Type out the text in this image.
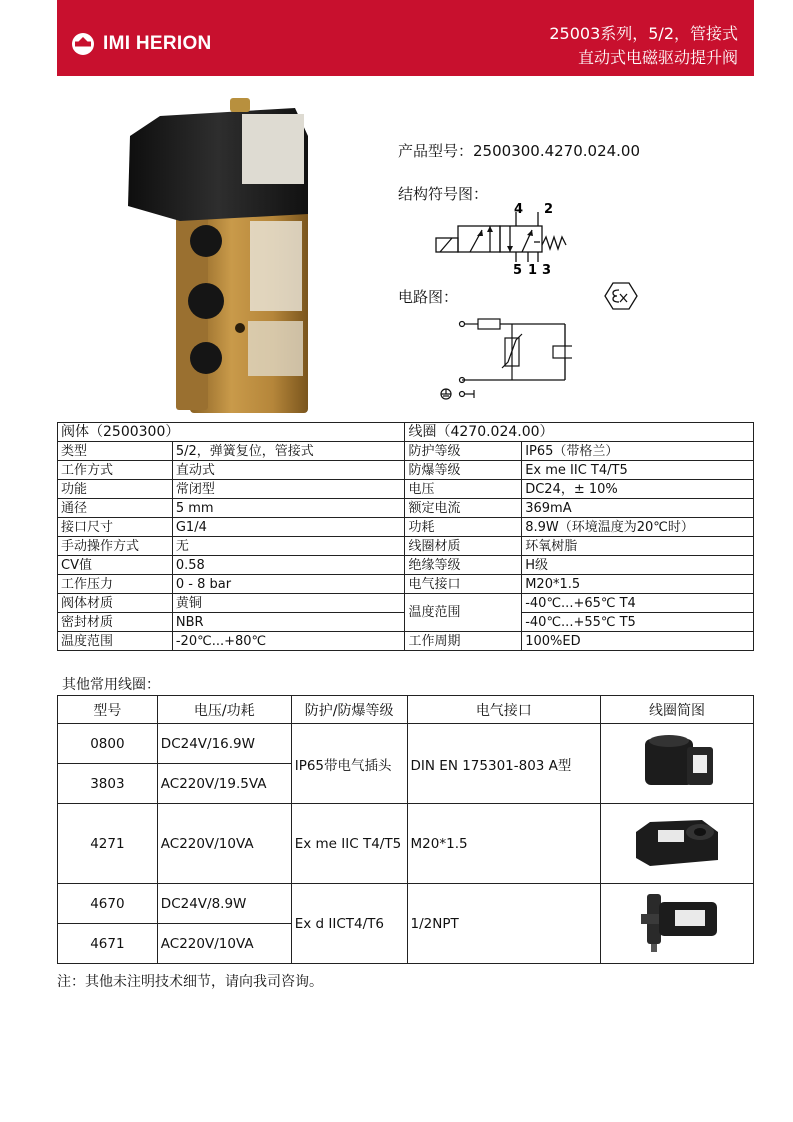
IMI HERION	25003系列，5/2，管接式
直动式电磁驱动提升阀
产品型号：2500300.4270.024.00
结构符号图：
4 2
5 1 3
电路图：
阀体（2500300）		线圈（4270.024.00）	
类型	5/2，弹簧复位，管接式	防护等级	IP65（带格兰）
工作方式	直动式	防爆等级	Ex me IIC T4/T5
功能	常闭型	电压	DC24，± 10%
通径	5 mm	额定电流	369mA
接口尺寸	G1/4	功耗	8.9W（环境温度为20℃时）
手动操作方式	无	线圈材质	环氧树脂
CV值	0.58	绝缘等级	H级
工作压力	0 - 8 bar	电气接口	M20*1.5
阀体材质	黄铜	温度范围	-40℃...+65℃ T4
密封材质	NBR		-40℃...+55℃ T5
温度范围	-20℃...+80℃	工作周期	100%ED
其他常用线圈：
型号	电压/功耗	防护/防爆等级	电气接口	线圈简图
0800	DC24V/16.9W	IP65带电气插头	DIN EN 175301-803 A型	
3803	AC220V/19.5VA			
4271	AC220V/10VA	Ex me IIC T4/T5	M20*1.5	
4670	DC24V/8.9W	Ex d IICT4/T6	1/2NPT	
4671	AC220V/10VA			
注：其他未注明技术细节，请向我司咨询。
